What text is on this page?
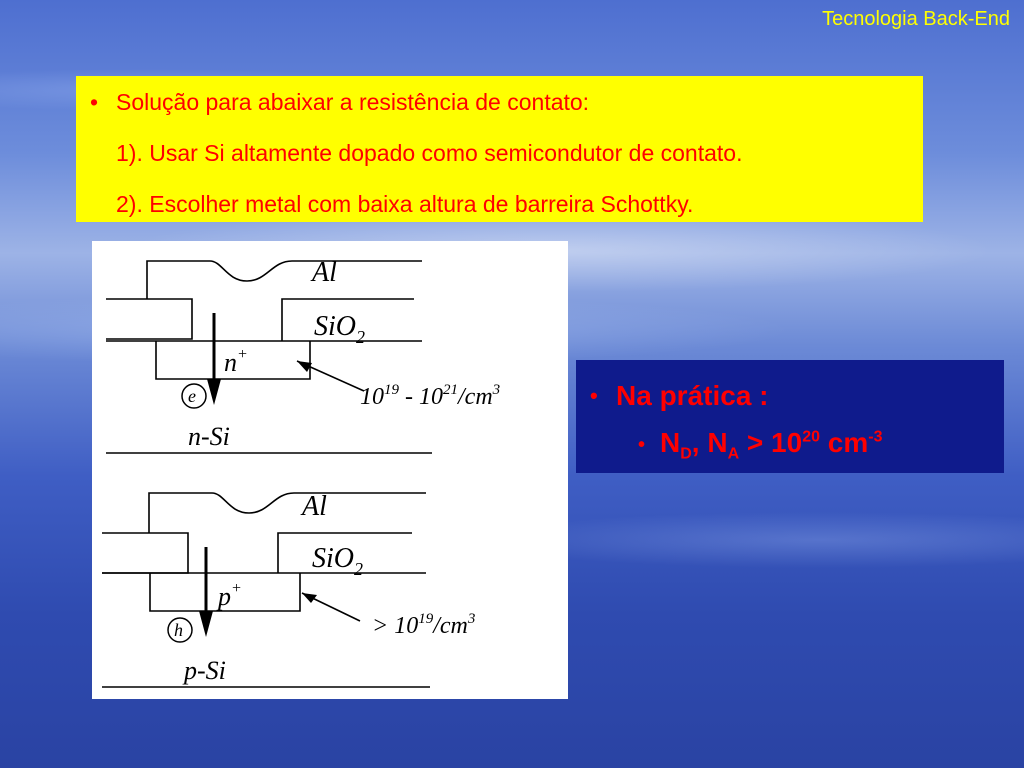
Tecnologia Back-End
• Solução para abaixar a resistência de contato:
1). Usar Si altamente dopado como semicondutor de contato.
2). Escolher metal com baixa altura de barreira Schottky.
Al
SiO$_2$
n+
e	$10^{19} - 10^{21}/cm^3$
n-Si
Al
SiO$_2$
p+
h	> $10^{19}/cm^3$
p-Si
• Na prática :
• $N_D$, $N_A > 10^{20}$ $cm^{-3}$
